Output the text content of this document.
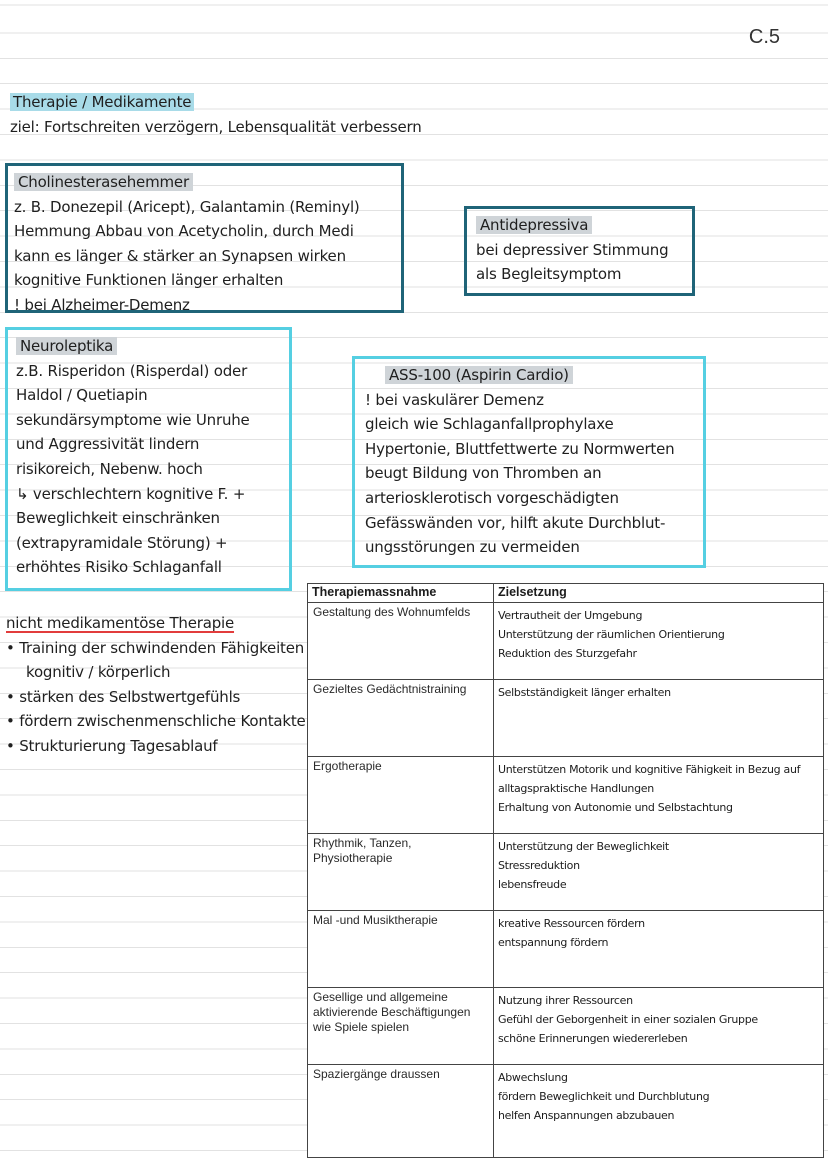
C.5
Therapie / Medikamente
ziel: Fortschreiten verzögern, Lebensqualität verbessern
Cholinesterasehemmer
z. B. Donezepil (Aricept), Galantamin (Reminyl)
Hemmung Abbau von Acetycholin, durch Medi
kann es länger & stärker an Synapsen wirken
kognitive Funktionen länger erhalten
! bei Alzheimer-Demenz
Antidepressiva
bei depressiver Stimmung
als Begleitsymptom
Neuroleptika
z.B. Risperidon (Risperdal) oder
Haldol / Quetiapin
sekundärsymptome wie Unruhe
und Aggressivität lindern
risikoreich, Nebenw. hoch
↳ verschlechtern kognitive F. +
Beweglichkeit einschränken
(extrapyramidale Störung) +
erhöhtes Risiko Schlaganfall
ASS-100 (Aspirin Cardio)
! bei vaskulärer Demenz
gleich wie Schlaganfallprophylaxe
Hypertonie, Bluttfettwerte zu Normwerten
beugt Bildung von Thromben an
arteriosklerotisch vorgeschädigten
Gefässwänden vor, hilft akute Durchblut-
ungsstörungen zu vermeiden
nicht medikamentöse Therapie
• Training der schwindenden Fähigkeiten
kognitiv / körperlich
• stärken des Selbstwertgefühls
• fördern zwischenmenschliche Kontakte
• Strukturierung Tagesablauf
Therapiemassnahme	Zielsetzung
Gestaltung des Wohnumfelds	Vertrautheit der Umgebung
Unterstützung der räumlichen Orientierung
Reduktion des Sturzgefahr

Gezieltes Gedächtnistraining	Selbstständigkeit länger erhalten

Ergotherapie	Unterstützen Motorik und kognitive Fähigkeit in Bezug auf
alltagspraktische Handlungen
Erhaltung von Autonomie und Selbstachtung

Rhythmik, Tanzen, Physiotherapie	Unterstützung der Beweglichkeit
Stressreduktion
lebensfreude

Mal -und Musiktherapie	kreative Ressourcen fördern
entspannung fördern

Gesellige und allgemeine aktivierende Beschäftigungen wie Spiele spielen	Nutzung ihrer Ressourcen
Gefühl der Geborgenheit in einer sozialen Gruppe
schöne Erinnerungen wiedererleben

Spaziergänge draussen	Abwechslung
fördern Beweglichkeit und Durchblutung
helfen Anspannungen abzubauen
